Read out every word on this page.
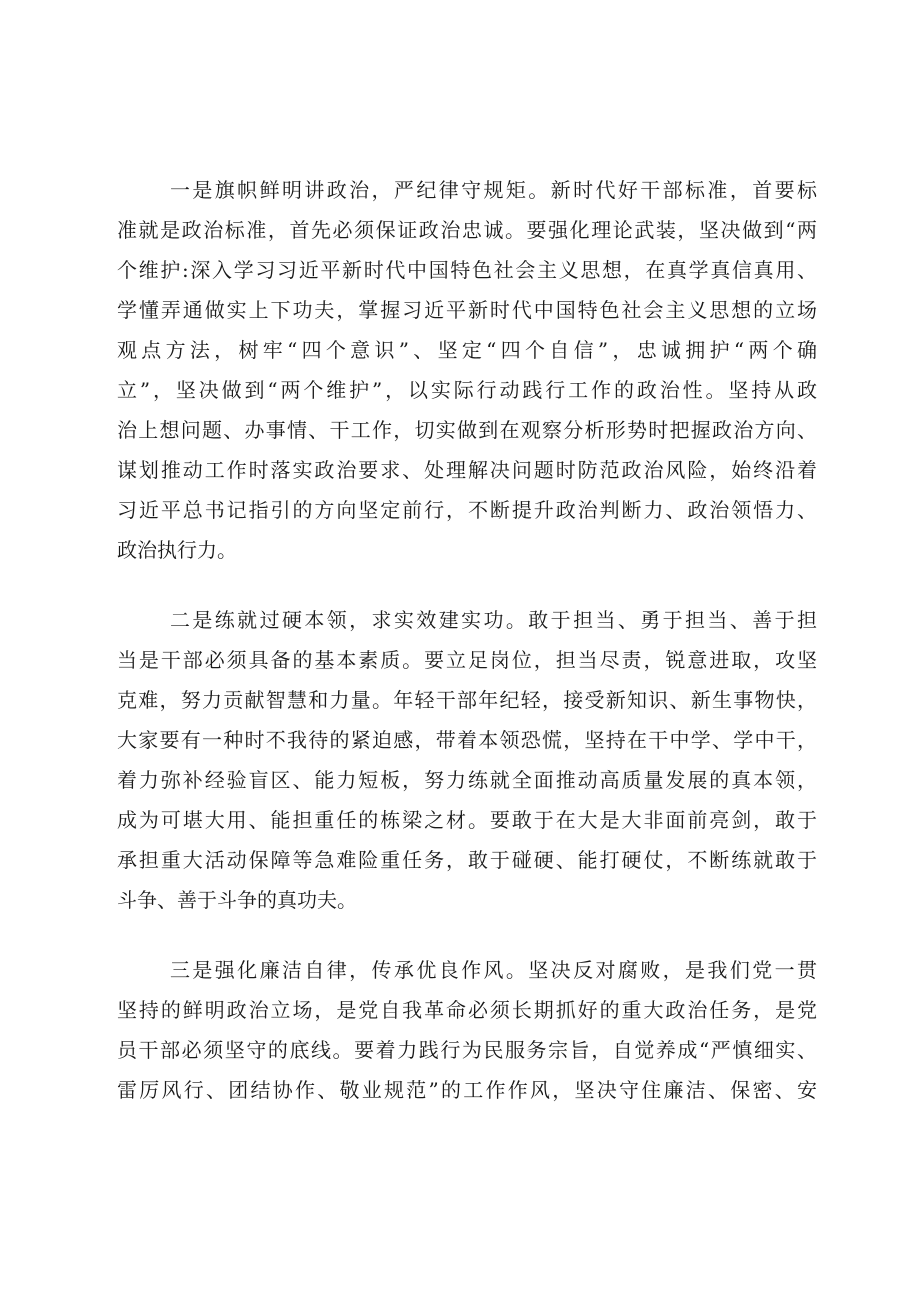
一是旗帜鲜明讲政治，严纪律守规矩。新时代好干部标准，首要标
准就是政治标准，首先必须保证政治忠诚。要强化理论武装，坚决做到“两
个维护:深入学习习近平新时代中国特色社会主义思想，在真学真信真用、
学懂弄通做实上下功夫，掌握习近平新时代中国特色社会主义思想的立场
观点方法，树牢“四个意识”、坚定“四个自信”，忠诚拥护“两个确
立”，坚决做到“两个维护”，以实际行动践行工作的政治性。坚持从政
治上想问题、办事情、干工作，切实做到在观察分析形势时把握政治方向、
谋划推动工作时落实政治要求、处理解决问题时防范政治风险，始终沿着
习近平总书记指引的方向坚定前行，不断提升政治判断力、政治领悟力、
政治执行力。
二是练就过硬本领，求实效建实功。敢于担当、勇于担当、善于担
当是干部必须具备的基本素质。要立足岗位，担当尽责，锐意进取，攻坚
克难，努力贡献智慧和力量。年轻干部年纪轻，接受新知识、新生事物快，
大家要有一种时不我待的紧迫感，带着本领恐慌，坚持在干中学、学中干，
着力弥补经验盲区、能力短板，努力练就全面推动高质量发展的真本领，
成为可堪大用、能担重任的栋梁之材。要敢于在大是大非面前亮剑，敢于
承担重大活动保障等急难险重任务，敢于碰硬、能打硬仗，不断练就敢于
斗争、善于斗争的真功夫。
三是强化廉洁自律，传承优良作风。坚决反对腐败，是我们党一贯
坚持的鲜明政治立场，是党自我革命必须长期抓好的重大政治任务，是党
员干部必须坚守的底线。要着力践行为民服务宗旨，自觉养成“严慎细实、
雷厉风行、团结协作、敬业规范”的工作作风，坚决守住廉洁、保密、安
